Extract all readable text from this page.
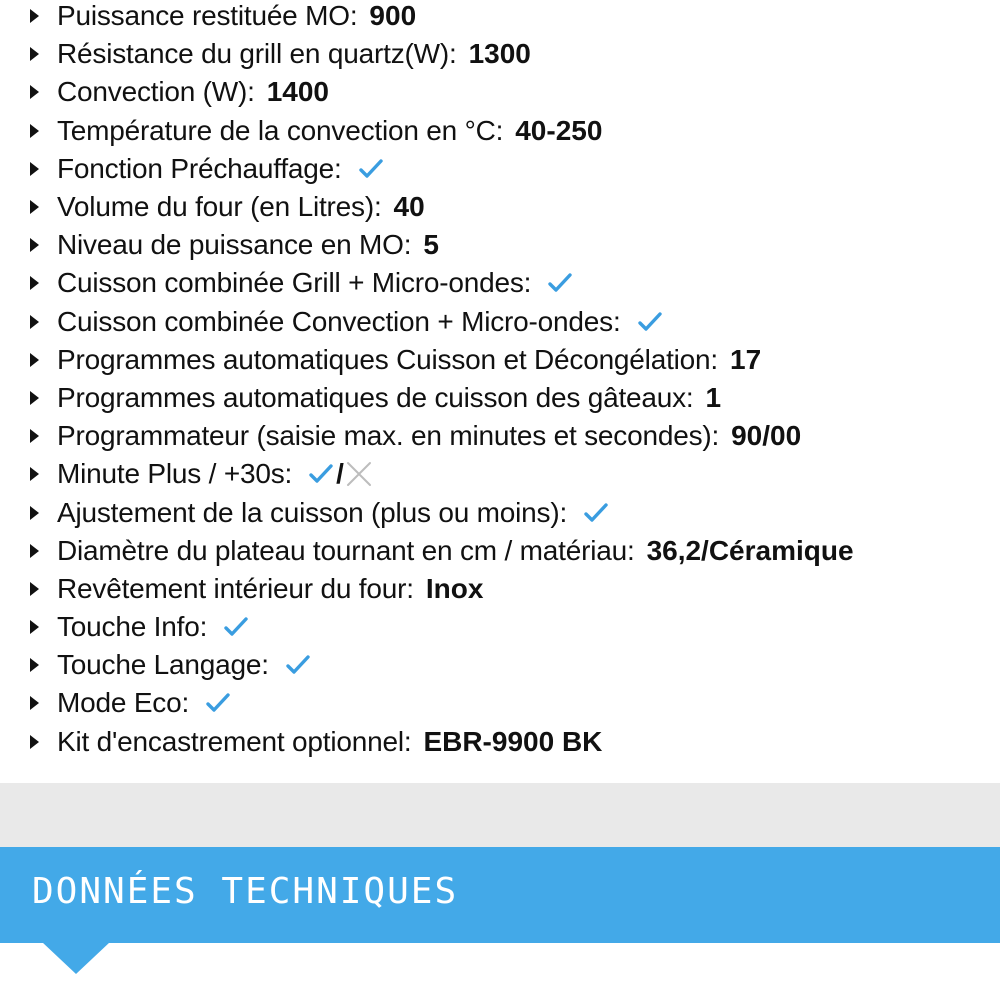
Puissance restituée MO: 900
Résistance du grill en quartz(W): 1300
Convection (W): 1400
Température de la convection en °C: 40-250
Fonction Préchauffage:
Volume du four (en Litres): 40
Niveau de puissance en MO: 5
Cuisson combinée Grill + Micro-ondes:
Cuisson combinée Convection + Micro-ondes:
Programmes automatiques Cuisson et Décongélation: 17
Programmes automatiques de cuisson des gâteaux: 1
Programmateur (saisie max. en minutes et secondes): 90/00
Minute Plus / +30s: /
Ajustement de la cuisson (plus ou moins):
Diamètre du plateau tournant en cm / matériau: 36,2/Céramique
Revêtement intérieur du four: Inox
Touche Info:
Touche Langage:
Mode Eco:
Kit d'encastrement optionnel: EBR-9900 BK
DONNÉES TECHNIQUES
